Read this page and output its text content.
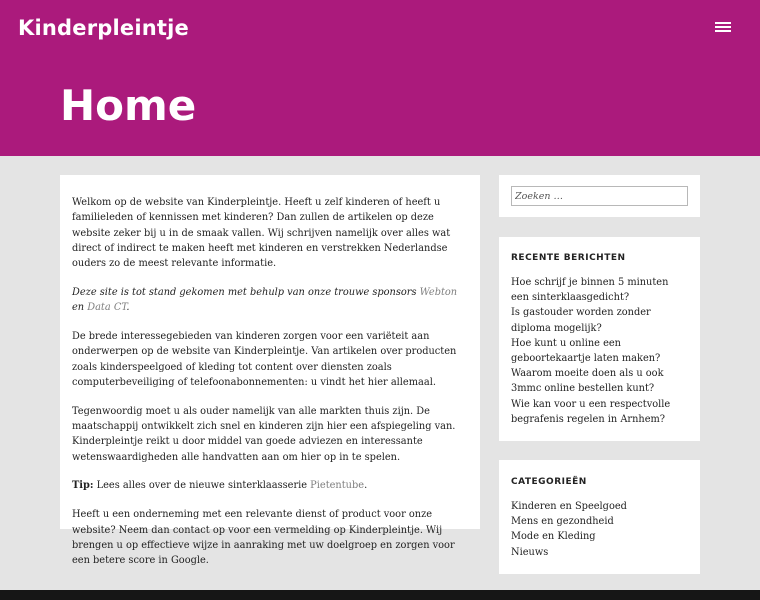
Kinderpleintje
Home

Welkom op de website van Kinderpleintje. Heeft u zelf kinderen of heeft u familieleden of kennissen met kinderen? Dan zullen de artikelen op deze website zeker bij u in de smaak vallen. Wij schrijven namelijk over alles wat direct of indirect te maken heeft met kinderen en verstrekken Nederlandse ouders zo de meest relevante informatie.

Deze site is tot stand gekomen met behulp van onze trouwe sponsors Webton en Data CT.

De brede interessegebieden van kinderen zorgen voor een variëteit aan onderwerpen op de website van Kinderpleintje. Van artikelen over producten zoals kinderspeelgoed of kleding tot content over diensten zoals computerbeveiliging of telefoonabonnementen: u vindt het hier allemaal.

Tegenwoordig moet u als ouder namelijk van alle markten thuis zijn. De maatschappij ontwikkelt zich snel en kinderen zijn hier een afspiegeling van. Kinderpleintje reikt u door middel van goede adviezen en interessante wetenswaardigheden alle handvatten aan om hier op in te spelen.

Tip: Lees alles over de nieuwe sinterklaasserie Pietentube.

Heeft u een onderneming met een relevante dienst of product voor onze website? Neem dan contact op voor een vermelding op Kinderpleintje. Wij brengen u op effectieve wijze in aanraking met uw doelgroep en zorgen voor een betere score in Google.

Zoeken …
RECENTE BERICHTEN
Hoe schrijf je binnen 5 minuten een sinterklaasgedicht?
Is gastouder worden zonder diploma mogelijk?
Hoe kunt u online een geboortekaartje laten maken?
Waarom moeite doen als u ook 3mmc online bestellen kunt?
Wie kan voor u een respectvolle begrafenis regelen in Arnhem?
CATEGORIEËN
Kinderen en Speelgoed
Mens en gezondheid
Mode en Kleding
Nieuws
